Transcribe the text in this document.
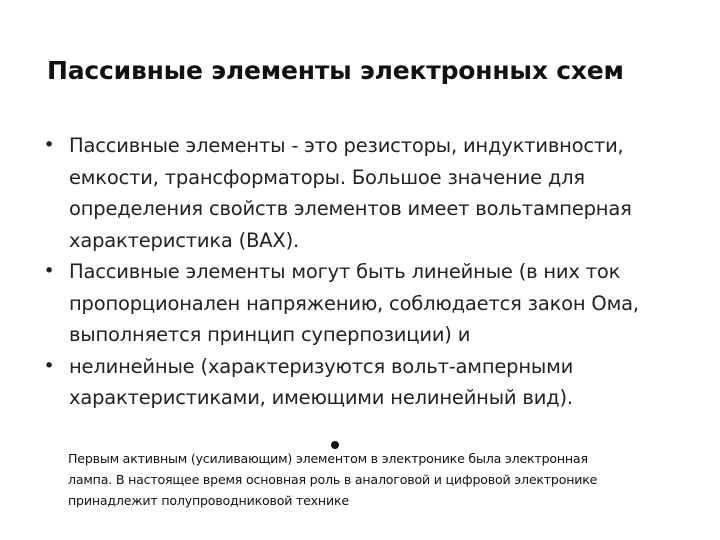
Пассивные элементы электронных схем
• Пассивные элементы - это резисторы, индуктивности, емкости, трансформаторы. Большое значение для определения свойств элементов имеет вольтамперная характеристика (ВАХ).
• Пассивные элементы могут быть линейные (в них ток пропорционален напряжению, соблюдается закон Ома, выполняется принцип суперпозиции) и
• нелинейные (характеризуются вольт-амперными характеристиками, имеющими нелинейный вид).
Первым активным (усиливающим) элементом в электронике была электронная лампа. В настоящее время основная роль в аналоговой и цифровой электронике принадлежит полупроводниковой технике
